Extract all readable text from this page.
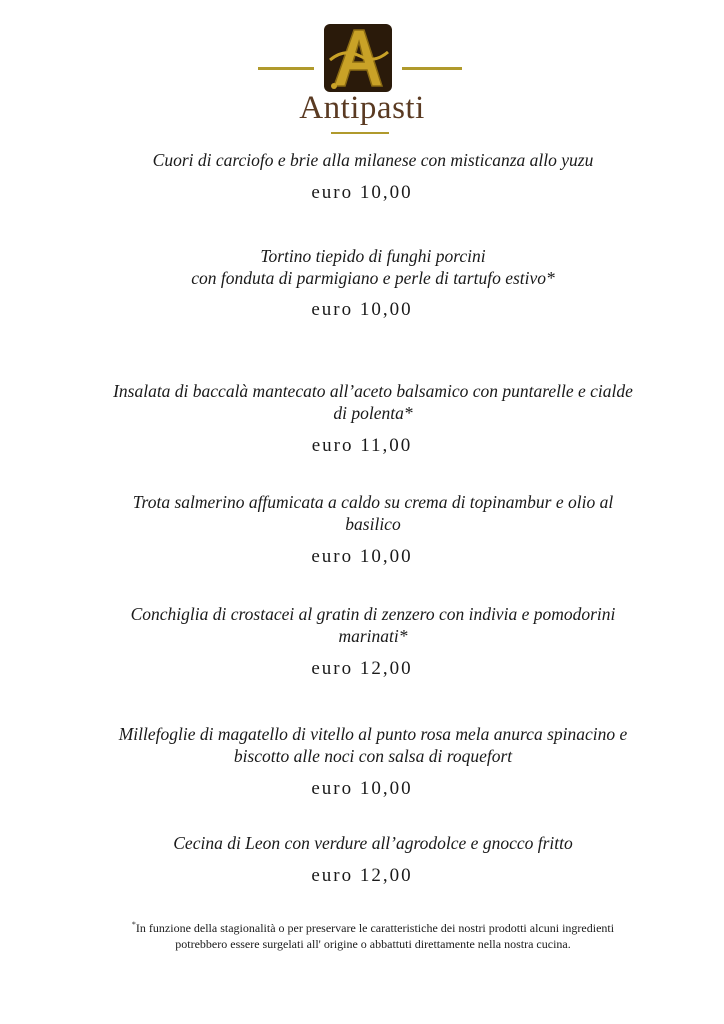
Antipasti
Cuori di carciofo e brie alla milanese con misticanza allo yuzu
euro 10,00
Tortino tiepido di funghi porcini
con fonduta di parmigiano e perle di tartufo estivo*
euro 10,00
Insalata di baccalà mantecato all’aceto balsamico con puntarelle e cialde
di polenta*
euro 11,00
Trota salmerino affumicata a caldo su crema di topinambur e olio al
basilico
euro 10,00
Conchiglia di crostacei al gratin di zenzero con indivia e pomodorini
marinati*
euro 12,00
Millefoglie di magatello di vitello al punto rosa mela anurca spinacino e
biscotto alle noci con salsa di roquefort
euro 10,00
Cecina di Leon con verdure all’agrodolce e gnocco fritto
euro 12,00
*In funzione della stagionalità o per preservare le caratteristiche dei nostri prodotti alcuni ingredienti
potrebbero essere surgelati all' origine o abbattuti direttamente nella nostra cucina.
